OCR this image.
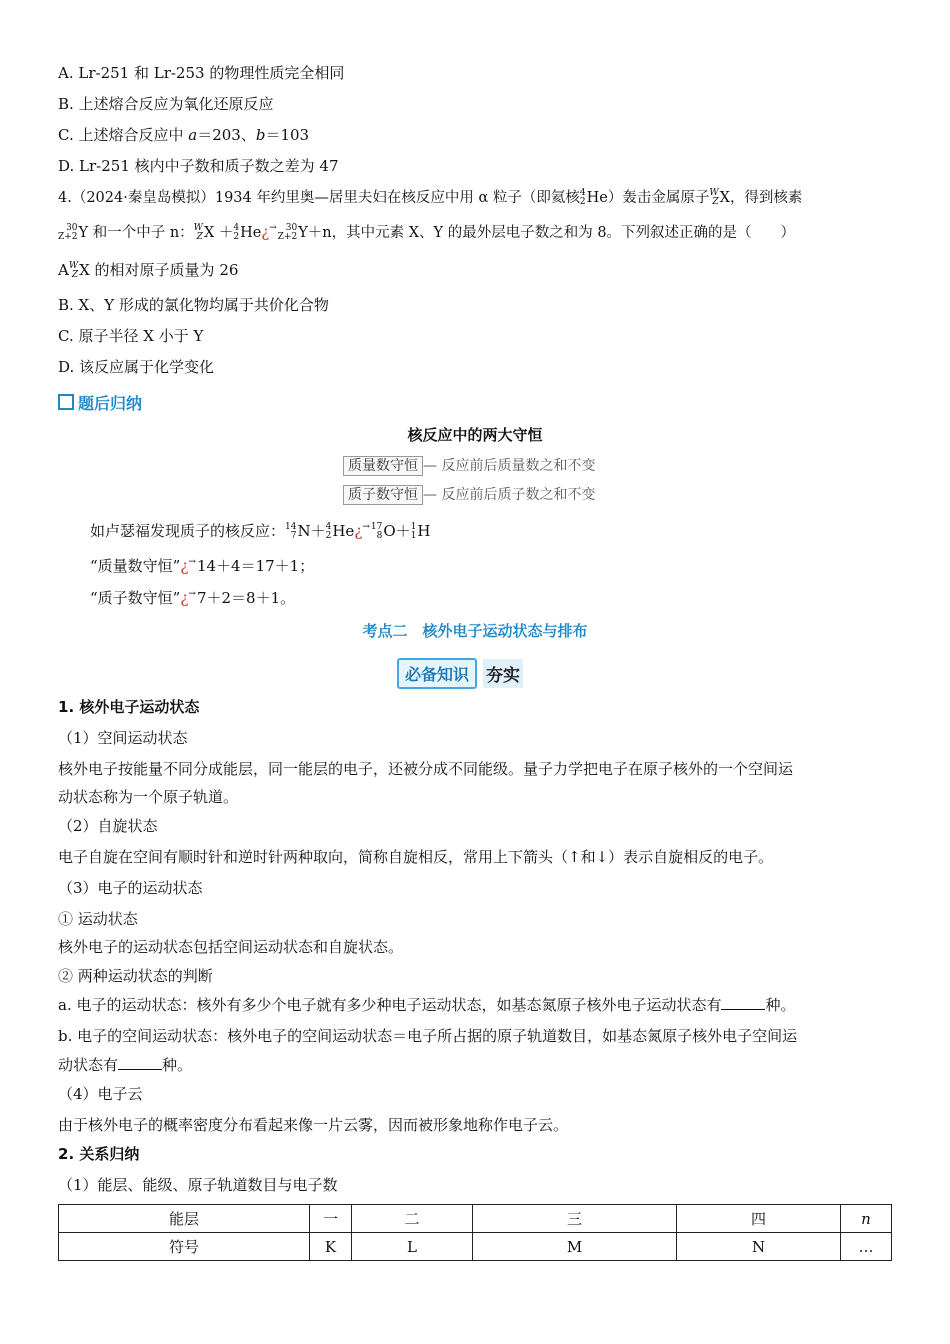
A. Lr-251 和 Lr-253 的物理性质完全相同
B. 上述熔合反应为氧化还原反应
C. 上述熔合反应中 a＝203、b＝103
D. Lr-251 核内中子数和质子数之差为 47
4.（2024·秦皇岛模拟）1934 年约里奥—居里夫妇在核反应中用 α 粒子（即氦核 4
2 He）轰击金属原子 W
Z X，得到核素
30
Z+2 Y 和一个中子 n： W
Z X ＋ 4
2 He¿ →
	30
Z+2 Y＋n，其中元素 X、Y 的最外层电子数之和为 8。下列叙述正确的是（　　）
A W
Z X 的相对原子质量为 26
B. X、Y 形成的氯化物均属于共价化合物
C. 原子半径 X 小于 Y
D. 该反应属于化学变化
题后归纳
核反应中的两大守恒
质量数守恒 — 反应前后质量数之和不变
质子数守恒 — 反应前后质子数之和不变
如卢瑟福发现质子的核反应： 14
7 N＋ 4
2 He¿ →
17
8 O＋ 1
1 H
“质量数守恒”¿ →
14＋4＝17＋1；
“质子数守恒”¿ →
7＋2＝8＋1。
考点二　核外电子运动状态与排布
必备知识	夯实
1. 核外电子运动状态
（1）空间运动状态
核外电子按能量不同分成能层，同一能层的电子，还被分成不同能级。量子力学把电子在原子核外的一个空间运
动状态称为一个原子轨道。
（2）自旋状态
电子自旋在空间有顺时针和逆时针两种取向，简称自旋相反，常用上下箭头（↑和↓）表示自旋相反的电子。
（3）电子的运动状态
① 运动状态
核外电子的运动状态包括空间运动状态和自旋状态。
② 两种运动状态的判断
a. 电子的运动状态：核外有多少个电子就有多少种电子运动状态，如基态氮原子核外电子运动状态有	种。
b. 电子的空间运动状态：核外电子的空间运动状态＝电子所占据的原子轨道数目，如基态氮原子核外电子空间运
动状态有	种。
（4）电子云
由于核外电子的概率密度分布看起来像一片云雾，因而被形象地称作电子云。
2. 关系归纳
（1）能层、能级、原子轨道数目与电子数
能层	一	二	三	四	n
符号	K	L	M	N	…
